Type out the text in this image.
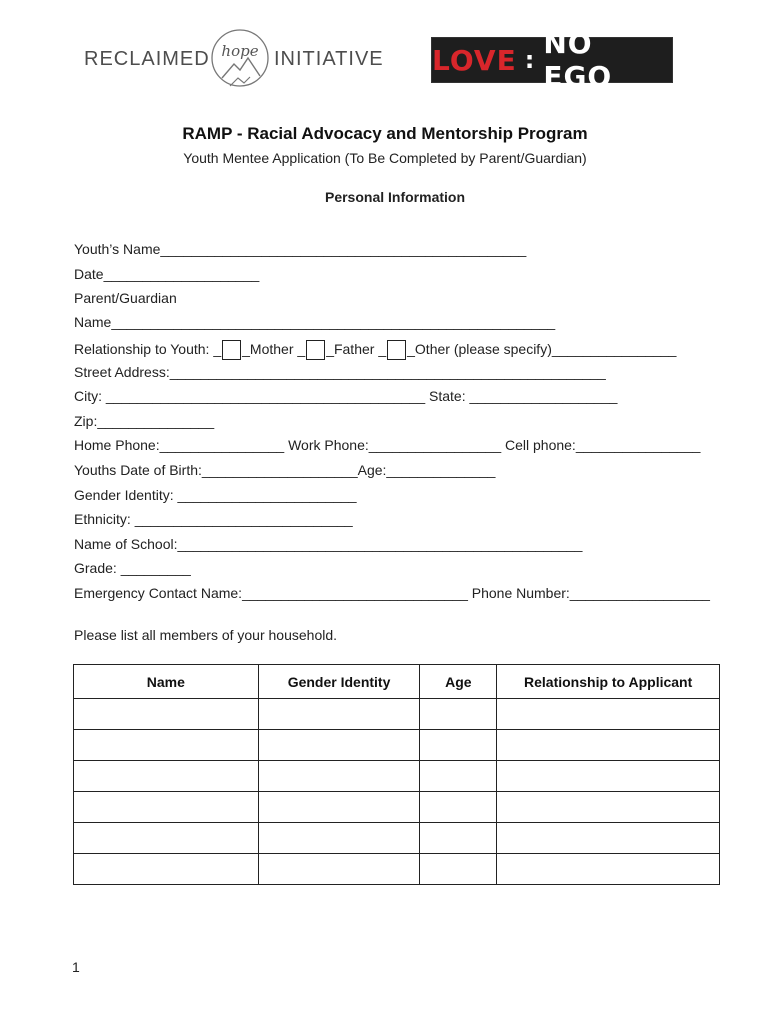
RECLAIMED hope INITIATIVE LOVE : NO EGO
RAMP - Racial Advocacy and Mentorship Program
Youth Mentee Application (To Be Completed by Parent/Guardian)
Personal Information
Youth’s Name_______________________________________________
Date____________________
Parent/Guardian
Name_________________________________________________________
Relationship to Youth: _ _Mother _ _Father _ _Other (please specify)________________
Street Address:________________________________________________________
City: _________________________________________ State: ___________________
Zip:_______________
Home Phone:________________ Work Phone:_________________ Cell phone:________________
Youths Date of Birth:____________________Age:______________
Gender Identity: _______________________
Ethnicity: ____________________________
Name of School:____________________________________________________
Grade: _________
Emergency Contact Name:_____________________________ Phone Number:__________________
Please list all members of your household.
Name	Gender Identity	Age	Relationship to Applicant

1
